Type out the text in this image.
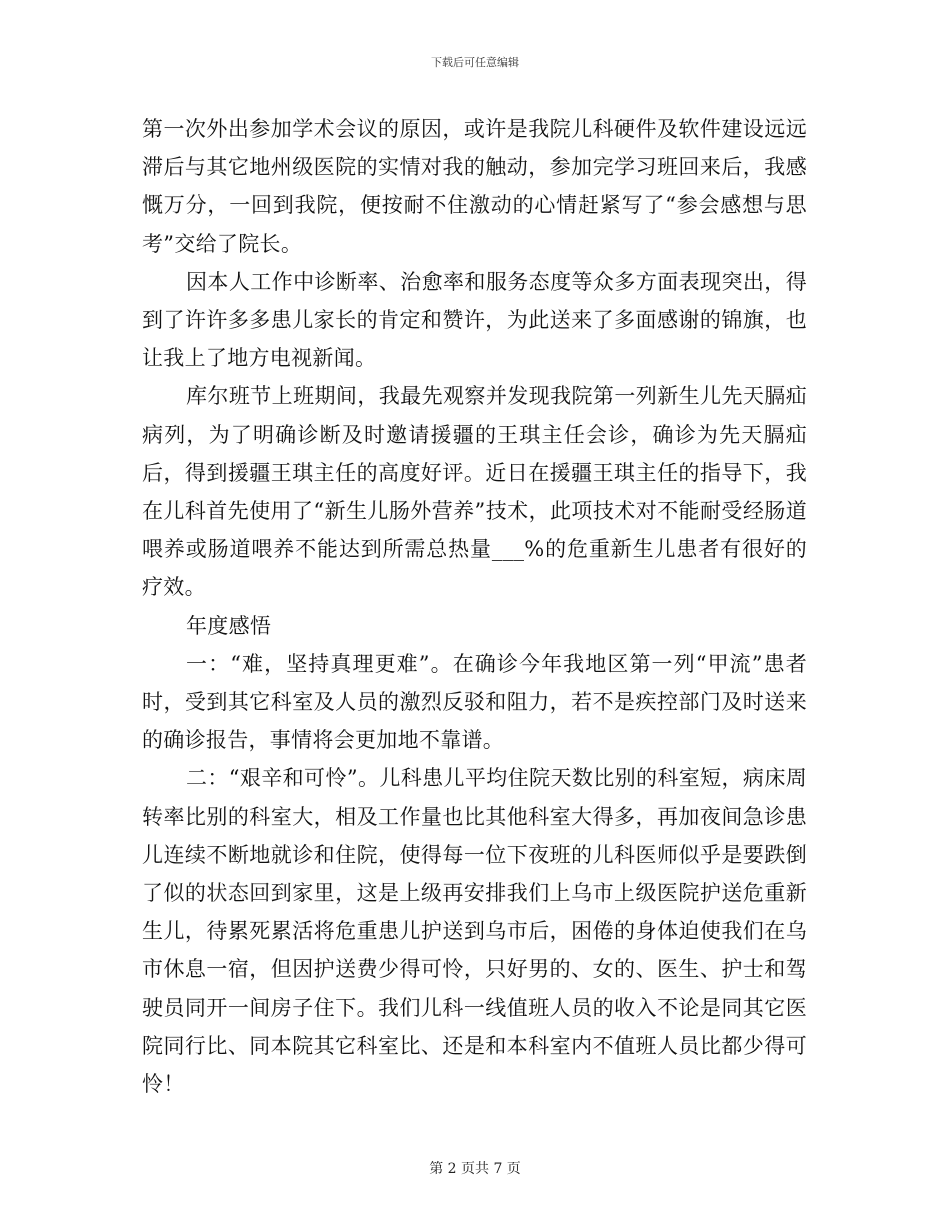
下载后可任意编辑

第一次外出参加学术会议的原因，或许是我院儿科硬件及软件建设远远滞后与其它地州级医院的实情对我的触动，参加完学习班回来后，我感慨万分，一回到我院，便按耐不住激动的心情赶紧写了“参会感想与思考”交给了院长。

因本人工作中诊断率、治愈率和服务态度等众多方面表现突出，得到了许许多多患儿家长的肯定和赞许，为此送来了多面感谢的锦旗，也让我上了地方电视新闻。

库尔班节上班期间，我最先观察并发现我院第一列新生儿先天膈疝病列，为了明确诊断及时邀请援疆的王琪主任会诊，确诊为先天膈疝后，得到援疆王琪主任的高度好评。近日在援疆王琪主任的指导下，我在儿科首先使用了“新生儿肠外营养”技术，此项技术对不能耐受经肠道喂养或肠道喂养不能达到所需总热量___%的危重新生儿患者有很好的疗效。

年度感悟

一：“难，坚持真理更难”。在确诊今年我地区第一列“甲流”患者时，受到其它科室及人员的激烈反驳和阻力，若不是疾控部门及时送来的确诊报告，事情将会更加地不靠谱。

二：“艰辛和可怜”。儿科患儿平均住院天数比别的科室短，病床周转率比别的科室大，相及工作量也比其他科室大得多，再加夜间急诊患儿连续不断地就诊和住院，使得每一位下夜班的儿科医师似乎是要跌倒了似的状态回到家里，这是上级再安排我们上乌市上级医院护送危重新生儿，待累死累活将危重患儿护送到乌市后，困倦的身体迫使我们在乌市休息一宿，但因护送费少得可怜，只好男的、女的、医生、护士和驾驶员同开一间房子住下。我们儿科一线值班人员的收入不论是同其它医院同行比、同本院其它科室比、还是和本科室内不值班人员比都少得可怜！

第 2 页共 7 页
